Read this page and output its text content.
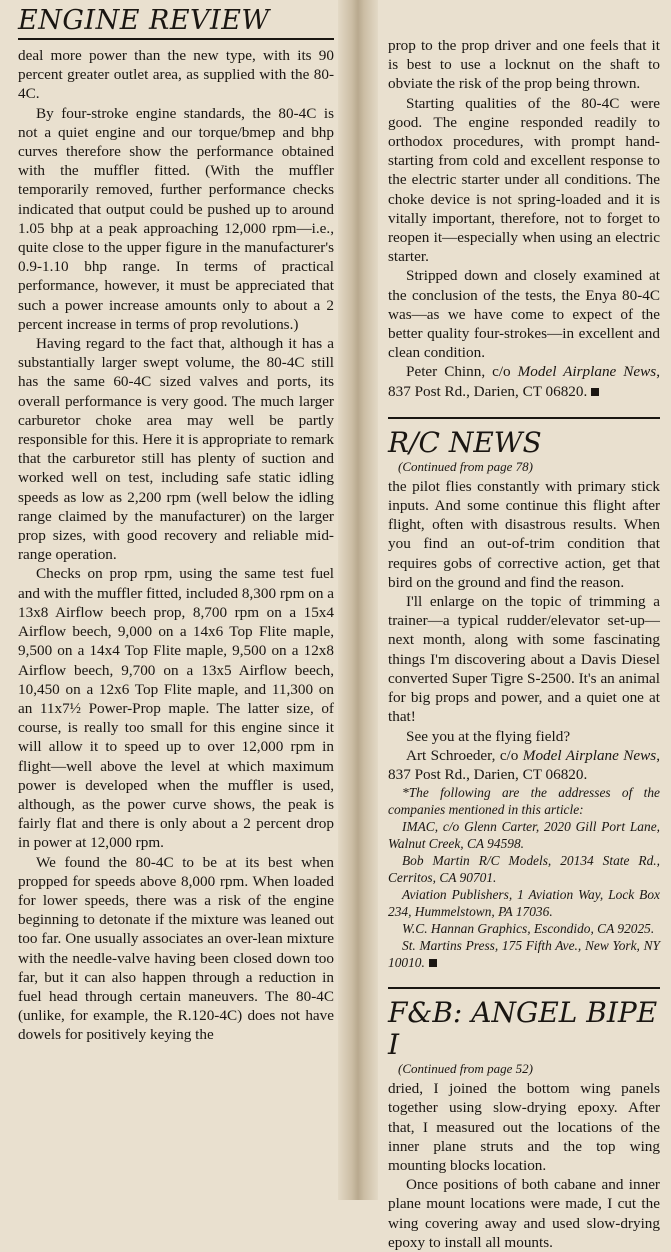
ENGINE REVIEW

deal more power than the new type, with its 90 percent greater outlet area, as supplied with the 80-4C.

By four-stroke engine standards, the 80-4C is not a quiet engine and our torque/bmep and bhp curves therefore show the performance obtained with the muffler fitted. (With the muffler temporarily removed, further performance checks indicated that output could be pushed up to around 1.05 bhp at a peak approaching 12,000 rpm—i.e., quite close to the upper figure in the manufacturer's 0.9-1.10 bhp range. In terms of practical performance, however, it must be appreciated that such a power increase amounts only to about a 2 percent increase in terms of prop revolutions.)

Having regard to the fact that, although it has a substantially larger swept volume, the 80-4C still has the same 60-4C sized valves and ports, its overall performance is very good. The much larger carburetor choke area may well be partly responsible for this. Here it is appropriate to remark that the carburetor still has plenty of suction and worked well on test, including safe static idling speeds as low as 2,200 rpm (well below the idling range claimed by the manufacturer) on the larger prop sizes, with good recovery and reliable mid-range operation.

Checks on prop rpm, using the same test fuel and with the muffler fitted, included 8,300 rpm on a 13x8 Airflow beech prop, 8,700 rpm on a 15x4 Airflow beech, 9,000 on a 14x6 Top Flite maple, 9,500 on a 14x4 Top Flite maple, 9,500 on a 12x8 Airflow beech, 9,700 on a 13x5 Airflow beech, 10,450 on a 12x6 Top Flite maple, and 11,300 on an 11x7½ Power-Prop maple. The latter size, of course, is really too small for this engine since it will allow it to speed up to over 12,000 rpm in flight—well above the level at which maximum power is developed when the muffler is used, although, as the power curve shows, the peak is fairly flat and there is only about a 2 percent drop in power at 12,000 rpm.

We found the 80-4C to be at its best when propped for speeds above 8,000 rpm. When loaded for lower speeds, there was a risk of the engine beginning to detonate if the mixture was leaned out too far. One usually associates an over-lean mixture with the needle-valve having been closed down too far, but it can also happen through a reduction in fuel head through certain maneuvers. The 80-4C (unlike, for example, the R.120-4C) does not have dowels for positively keying the

prop to the prop driver and one feels that it is best to use a locknut on the shaft to obviate the risk of the prop being thrown.

Starting qualities of the 80-4C were good. The engine responded readily to orthodox procedures, with prompt hand-starting from cold and excellent response to the electric starter under all conditions. The choke device is not spring-loaded and it is vitally important, therefore, not to forget to reopen it—especially when using an electric starter.

Stripped down and closely examined at the conclusion of the tests, the Enya 80-4C was—as we have come to expect of the better quality four-strokes—in excellent and clean condition.

Peter Chinn, c/o Model Airplane News, 837 Post Rd., Darien, CT 06820.

R/C NEWS
(Continued from page 78)

the pilot flies constantly with primary stick inputs. And some continue this flight after flight, often with disastrous results. When you find an out-of-trim condition that requires gobs of corrective action, get that bird on the ground and find the reason.

I'll enlarge on the topic of trimming a trainer—a typical rudder/elevator set-up—next month, along with some fascinating things I'm discovering about a Davis Diesel converted Super Tigre S-2500. It's an animal for big props and power, and a quiet one at that!

See you at the flying field?

Art Schroeder, c/o Model Airplane News, 837 Post Rd., Darien, CT 06820.

*The following are the addresses of the companies mentioned in this article:

IMAC, c/o Glenn Carter, 2020 Gill Port Lane, Walnut Creek, CA 94598.

Bob Martin R/C Models, 20134 State Rd., Cerritos, CA 90701.

Aviation Publishers, 1 Aviation Way, Lock Box 234, Hummelstown, PA 17036.

W.C. Hannan Graphics, Escondido, CA 92025.

St. Martins Press, 175 Fifth Ave., New York, NY 10010.

F&B: ANGEL BIPE I
(Continued from page 52)

dried, I joined the bottom wing panels together using slow-drying epoxy. After that, I measured out the locations of the inner plane struts and the top wing mounting blocks location.

Once positions of both cabane and inner plane mount locations were made, I cut the wing covering away and used slow-drying epoxy to install all mounts.
